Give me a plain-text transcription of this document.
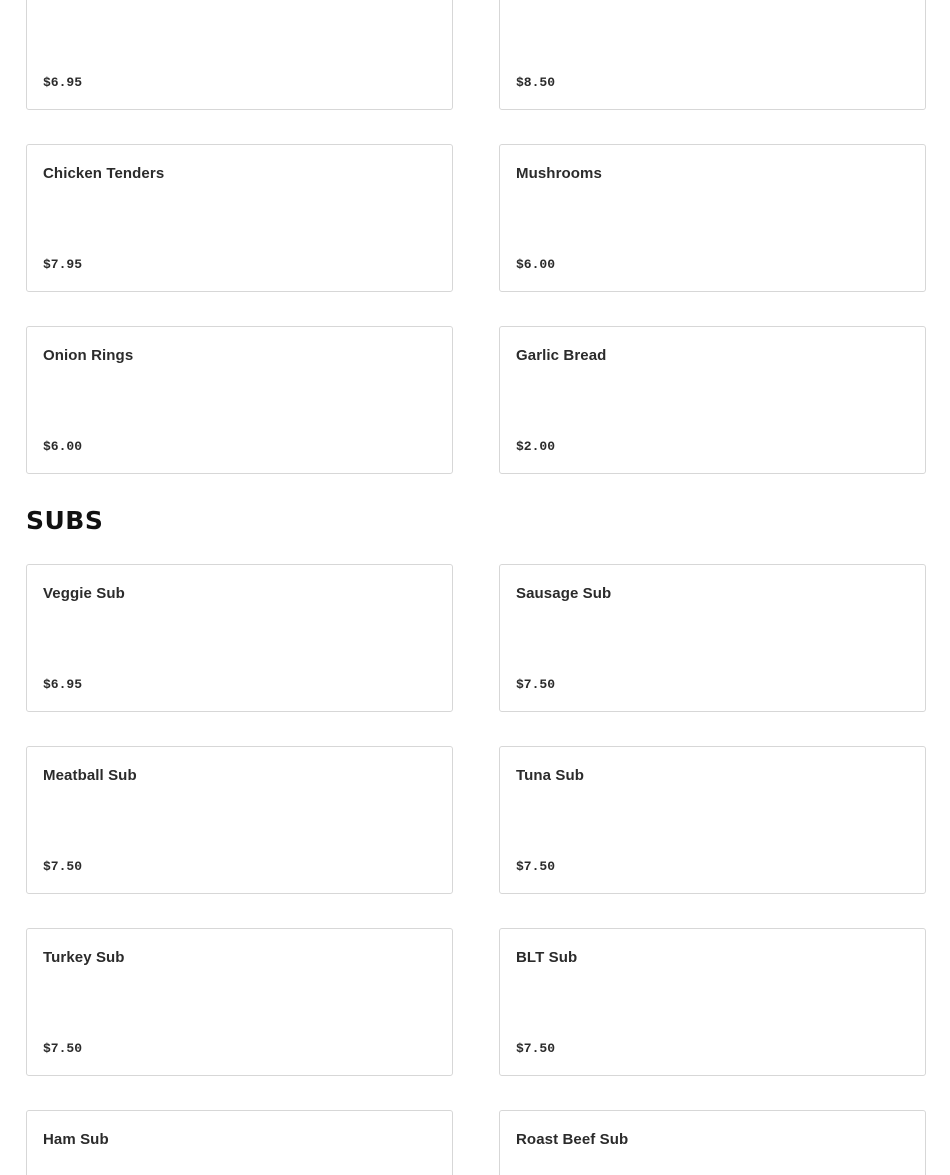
$6.95	$8.50
Chicken Tenders
$7.95
Mushrooms
$6.00
Onion Rings
$6.00
Garlic Bread
$2.00
SUBS
Veggie Sub
$6.95
Sausage Sub
$7.50
Meatball Sub
$7.50
Tuna Sub
$7.50
Turkey Sub
$7.50
BLT Sub
$7.50
Ham Sub	Roast Beef Sub
